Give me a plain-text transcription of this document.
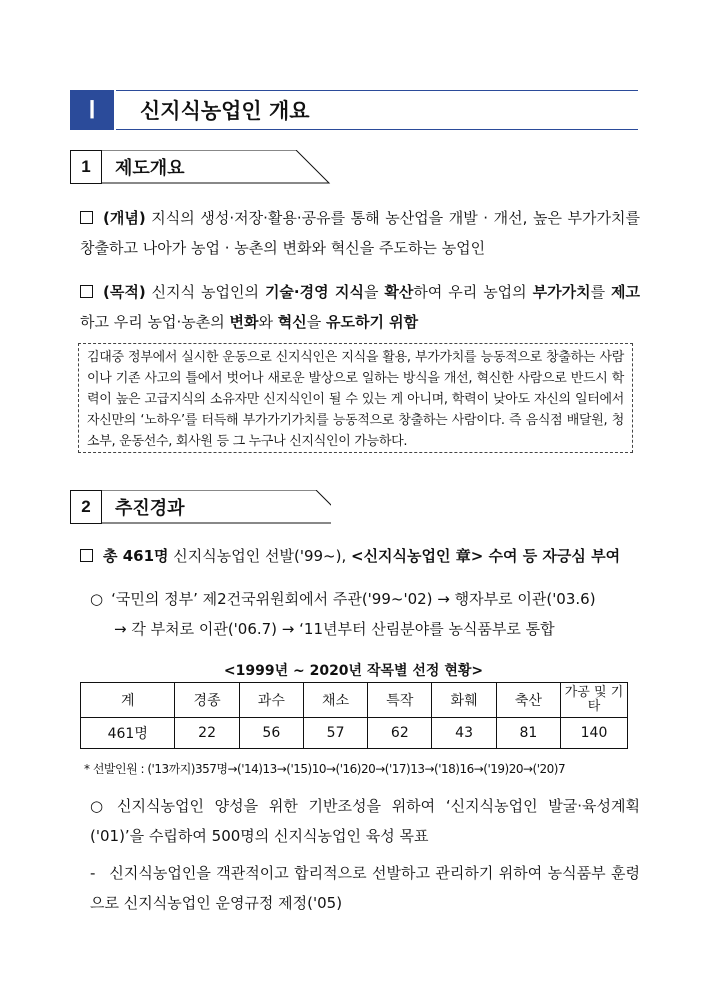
Ⅰ	신지식농업인 개요
1	제도개요
(개념) 지식의 생성·저장·활용·공유를 통해 농산업을 개발 · 개선, 높은 부가가치를 창출하고 나아가 농업 · 농촌의 변화와 혁신을 주도하는 농업인
(목적) 신지식 농업인의 기술·경영 지식을 확산하여 우리 농업의 부가가치를 제고하고 우리 농업·농촌의 변화와 혁신을 유도하기 위함
김대중 정부에서 실시한 운동으로 신지식인은 지식을 활용, 부가가치를 능동적으로 창출하는 사람이나 기존 사고의 틀에서 벗어나 새로운 발상으로 일하는 방식을 개선, 혁신한 사람으로 반드시 학력이 높은 고급지식의 소유자만 신지식인이 될 수 있는 게 아니며, 학력이 낮아도 자신의 일터에서 자신만의 ‘노하우’를 터득해 부가가기가치를 능동적으로 창출하는 사람이다. 즉 음식점 배달원, 청소부, 운동선수, 회사원 등 그 누구나 신지식인이 가능하다.
2	추진경과
총 461명 신지식농업인 선발('99~), <신지식농업인 章> 수여 등 자긍심 부여
○ ‘국민의 정부’ 제2건국위원회에서 주관('99~'02) → 행자부로 이관('03.6)
→ 각 부처로 이관('06.7) → ‘11년부터 산림분야를 농식품부로 통합
<1999년 ~ 2020년 작목별 선정 현황>
계	경종	과수	채소	특작	화훼	축산	가공 및 기타
461명	22	56	57	62	43	81	140
* 선발인원 : ('13까지)357명→('14)13→('15)10→('16)20→('17)13→('18)16→('19)20→('20)7
○ 신지식농업인 양성을 위한 기반조성을 위하여 ‘신지식농업인 발굴·육성계획('01)’을 수립하여 500명의 신지식농업인 육성 목표
- 신지식농업인을 객관적이고 합리적으로 선발하고 관리하기 위하여 농식품부 훈령으로 신지식농업인 운영규정 제정('05)
